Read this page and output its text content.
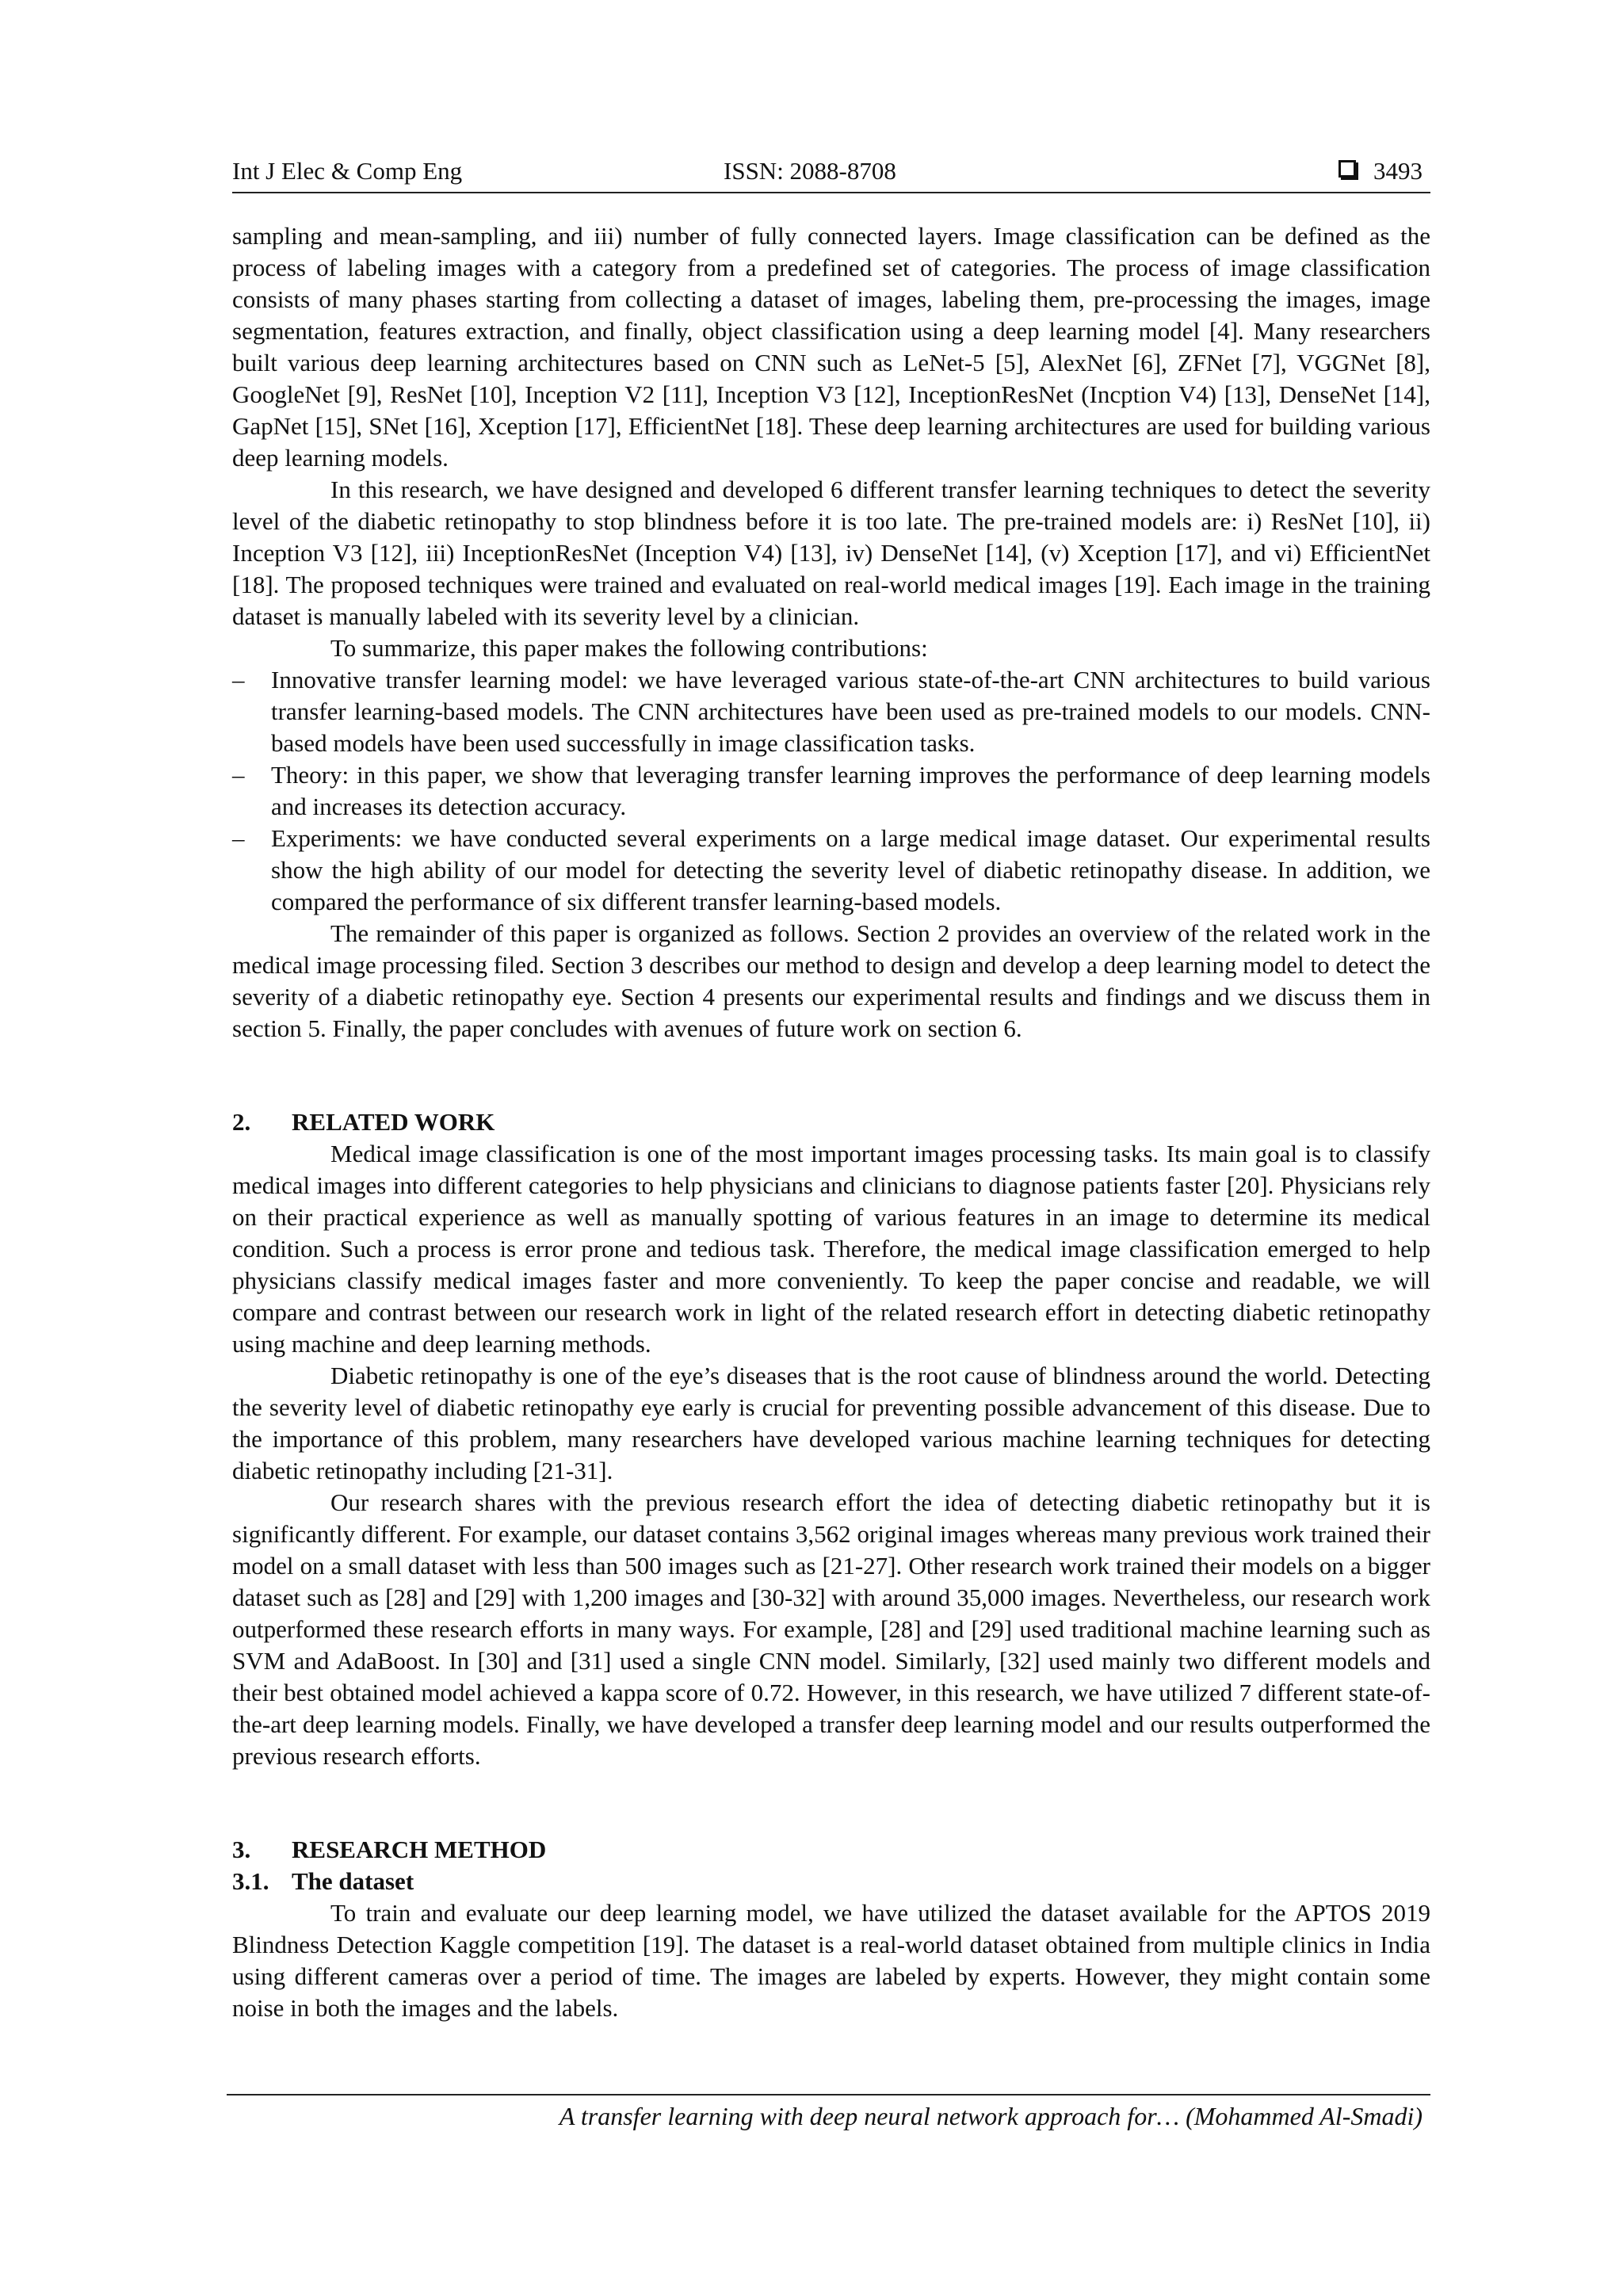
Int J Elec & Comp Eng	ISSN: 2088-8708	3493

sampling and mean-sampling, and iii) number of fully connected layers. Image classification can be defined as the process of labeling images with a category from a predefined set of categories. The process of image classification consists of many phases starting from collecting a dataset of images, labeling them, pre-processing the images, image segmentation, features extraction, and finally, object classification using a deep learning model [4]. Many researchers built various deep learning architectures based on CNN such as LeNet-5 [5], AlexNet [6], ZFNet [7], VGGNet [8], GoogleNet [9], ResNet [10], Inception V2 [11], Inception V3 [12], InceptionResNet (Incption V4) [13], DenseNet [14], GapNet [15], SNet [16], Xception [17], EfficientNet [18]. These deep learning architectures are used for building various deep learning models.

In this research, we have designed and developed 6 different transfer learning techniques to detect the severity level of the diabetic retinopathy to stop blindness before it is too late. The pre-trained models are: i) ResNet [10], ii) Inception V3 [12], iii) InceptionResNet (Inception V4) [13], iv) DenseNet [14], (v) Xception [17], and vi) EfficientNet [18]. The proposed techniques were trained and evaluated on real-world medical images [19]. Each image in the training dataset is manually labeled with its severity level by a clinician.

To summarize, this paper makes the following contributions:

– Innovative transfer learning model: we have leveraged various state-of-the-art CNN architectures to build various transfer learning-based models. The CNN architectures have been used as pre-trained models to our models. CNN-based models have been used successfully in image classification tasks.
– Theory: in this paper, we show that leveraging transfer learning improves the performance of deep learning models and increases its detection accuracy.
– Experiments: we have conducted several experiments on a large medical image dataset. Our experimental results show the high ability of our model for detecting the severity level of diabetic retinopathy disease. In addition, we compared the performance of six different transfer learning-based models.

The remainder of this paper is organized as follows. Section 2 provides an overview of the related work in the medical image processing filed. Section 3 describes our method to design and develop a deep learning model to detect the severity of a diabetic retinopathy eye. Section 4 presents our experimental results and findings and we discuss them in section 5. Finally, the paper concludes with avenues of future work on section 6.

2. RELATED WORK

Medical image classification is one of the most important images processing tasks. Its main goal is to classify medical images into different categories to help physicians and clinicians to diagnose patients faster [20]. Physicians rely on their practical experience as well as manually spotting of various features in an image to determine its medical condition. Such a process is error prone and tedious task. Therefore, the medical image classification emerged to help physicians classify medical images faster and more conveniently. To keep the paper concise and readable, we will compare and contrast between our research work in light of the related research effort in detecting diabetic retinopathy using machine and deep learning methods.

Diabetic retinopathy is one of the eye’s diseases that is the root cause of blindness around the world. Detecting the severity level of diabetic retinopathy eye early is crucial for preventing possible advancement of this disease. Due to the importance of this problem, many researchers have developed various machine learning techniques for detecting diabetic retinopathy including [21-31].

Our research shares with the previous research effort the idea of detecting diabetic retinopathy but it is significantly different. For example, our dataset contains 3,562 original images whereas many previous work trained their model on a small dataset with less than 500 images such as [21-27]. Other research work trained their models on a bigger dataset such as [28] and [29] with 1,200 images and [30-32] with around 35,000 images. Nevertheless, our research work outperformed these research efforts in many ways. For example, [28] and [29] used traditional machine learning such as SVM and AdaBoost. In [30] and [31] used a single CNN model. Similarly, [32] used mainly two different models and their best obtained model achieved a kappa score of 0.72. However, in this research, we have utilized 7 different state-of-the-art deep learning models. Finally, we have developed a transfer deep learning model and our results outperformed the previous research efforts.

3. RESEARCH METHOD
3.1. The dataset

To train and evaluate our deep learning model, we have utilized the dataset available for the APTOS 2019 Blindness Detection Kaggle competition [19]. The dataset is a real-world dataset obtained from multiple clinics in India using different cameras over a period of time. The images are labeled by experts. However, they might contain some noise in both the images and the labels.

A transfer learning with deep neural network approach for… (Mohammed Al-Smadi)
